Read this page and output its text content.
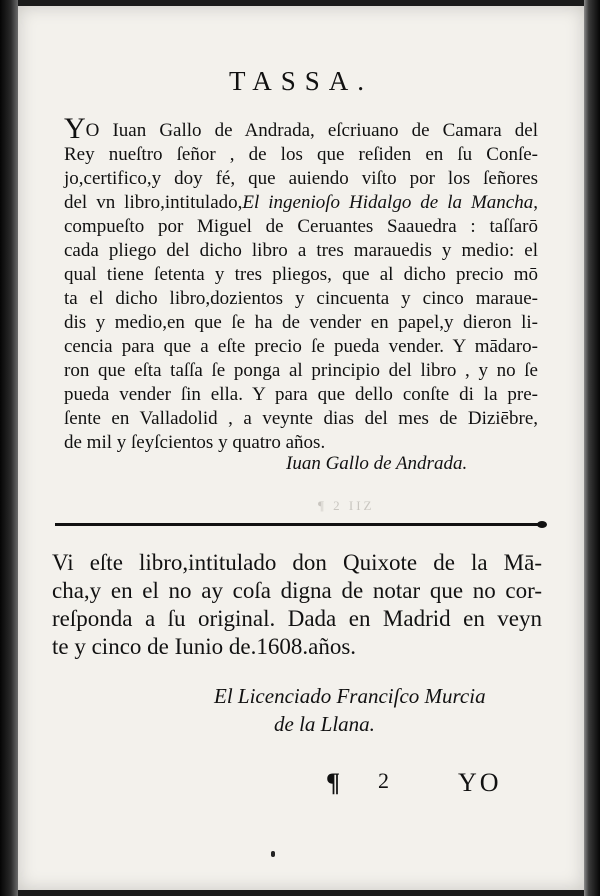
TASSA.
YO Iuan Gallo de Andrada, eſcriuano de Camara del
Rey nueſtro ſeñor , de los que reſiden en ſu Conſe-
jo,certifico,y doy fé, que auiendo viſto por los ſeñores
del vn libro,intitulado,El ingenioſo Hidalgo de la Mancha,
compueſto por Miguel de Ceruantes Saauedra : taſſarō
cada pliego del dicho libro a tres marauedis y medio: el
qual tiene ſetenta y tres pliegos, que al dicho precio mō
ta el dicho libro,dozientos y cincuenta y cinco maraue-
dis y medio,en que ſe ha de vender en papel,y dieron li-
cencia para que a eſte precio ſe pueda vender. Y mādaro-
ron que eſta taſſa ſe ponga al principio del libro , y no ſe
pueda vender ſin ella. Y para que dello conſte di la pre-
ſente en Valladolid , a veynte dias del mes de Diziēbre,
de mil y ſeyſcientos y quatro años.
Iuan Gallo de Andrada.
¶ 2 ΙΙΖ
Vi eſte libro,intitulado don Quixote de la Mā-
cha,y en el no ay coſa digna de notar que no cor-
reſponda a ſu original. Dada en Madrid en veyn
te y cinco de Iunio de.1608.años.
El Licenciado Franciſco Murcia
de la Llana.
¶ 2	YO
